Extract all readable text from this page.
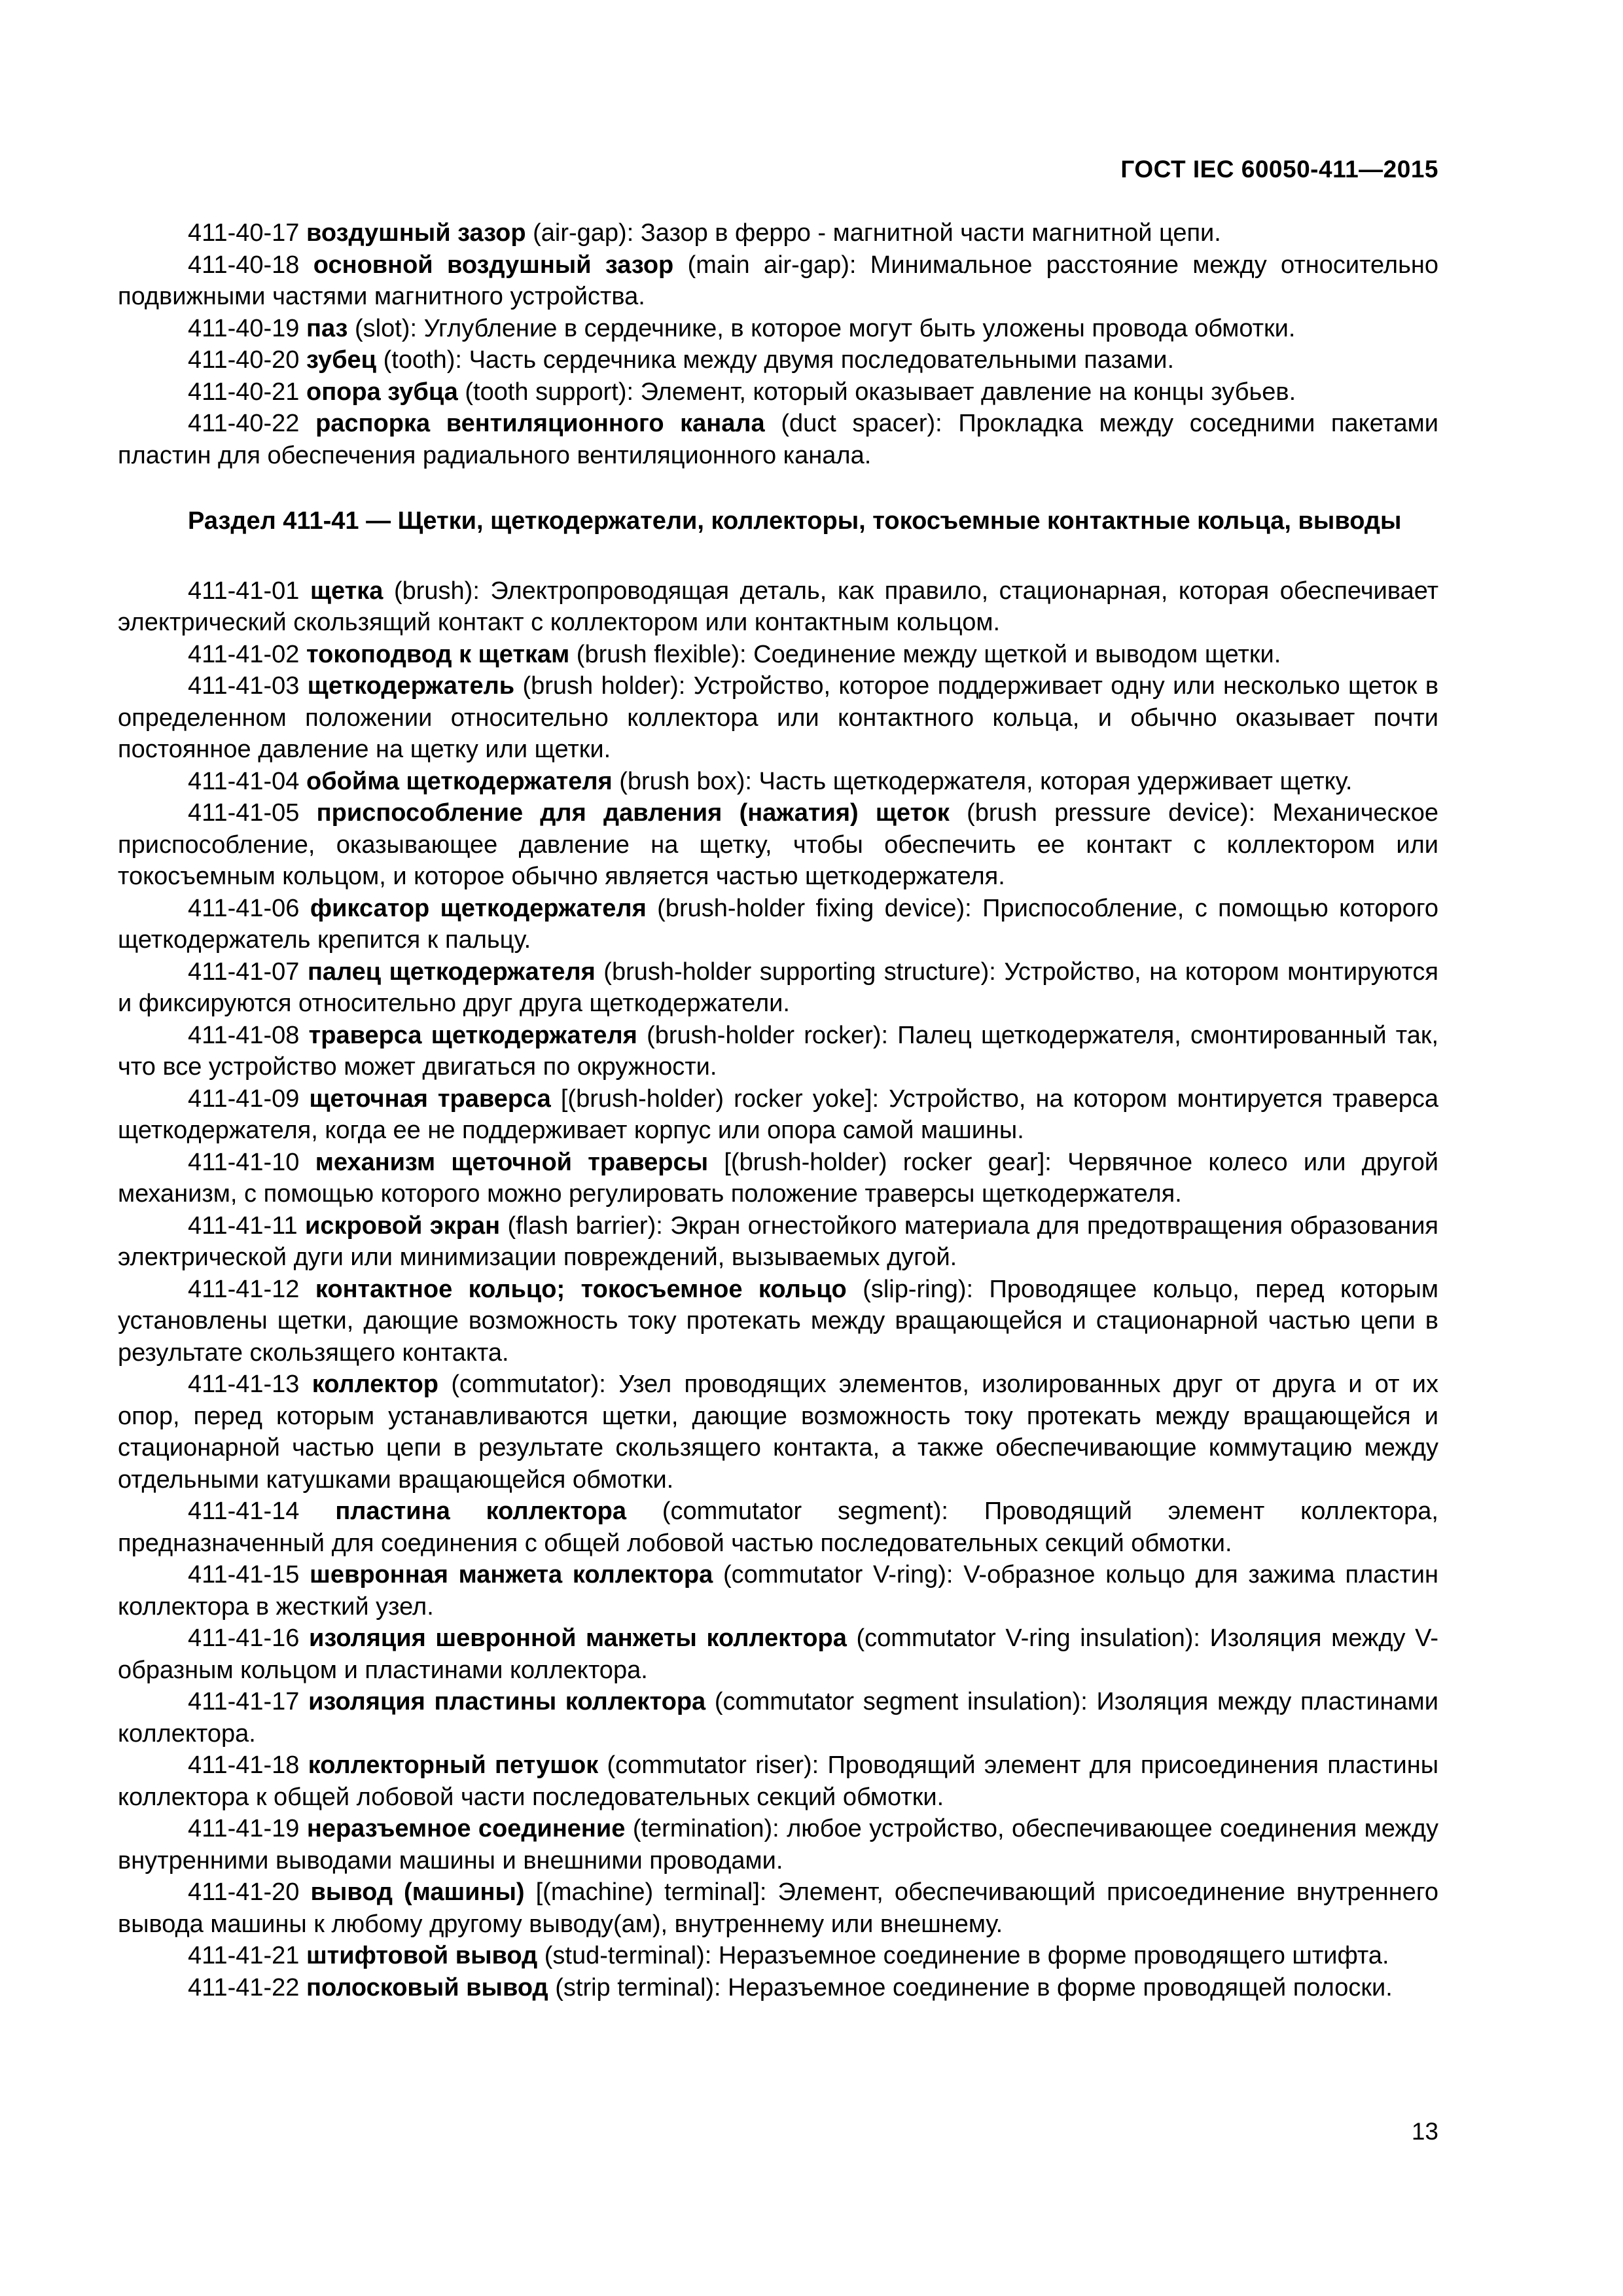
ГОСТ IEC 60050-411—2015

411-40-17 воздушный зазор (air-gap): Зазор в ферро - магнитной части магнитной цепи.

411-40-18 основной воздушный зазор (main air-gap): Минимальное расстояние между относительно подвижными частями магнитного устройства.

411-40-19 паз (slot): Углубление в сердечнике, в которое могут быть уложены провода обмотки.

411-40-20 зубец (tooth): Часть сердечника между двумя последовательными пазами.

411-40-21 опора зубца (tooth support): Элемент, который оказывает давление на концы зубьев.

411-40-22 распорка вентиляционного канала (duct spacer): Прокладка между соседними пакетами пластин для обеспечения радиального вентиляционного канала.

Раздел 411-41 — Щетки, щеткодержатели, коллекторы, токосъемные контактные кольца, выводы

411-41-01 щетка (brush): Электропроводящая деталь, как правило, стационарная, которая обеспечивает электрический скользящий контакт с коллектором или контактным кольцом.

411-41-02 токоподвод к щеткам (brush flexible): Соединение между щеткой и выводом щетки.

411-41-03 щеткодержатель (brush holder): Устройство, которое поддерживает одну или несколько щеток в определенном положении относительно коллектора или контактного кольца, и обычно оказывает почти постоянное давление на щетку или щетки.

411-41-04 обойма щеткодержателя (brush box): Часть щеткодержателя, которая удерживает щетку.

411-41-05 приспособление для давления (нажатия) щеток (brush pressure device): Механическое приспособление, оказывающее давление на щетку, чтобы обеспечить ее контакт с коллектором или токосъемным кольцом, и которое обычно является частью щеткодержателя.

411-41-06 фиксатор щеткодержателя (brush-holder fixing device): Приспособление, с помощью которого щеткодержатель крепится к пальцу.

411-41-07 палец щеткодержателя (brush-holder supporting structure): Устройство, на котором монтируются и фиксируются относительно друг друга щеткодержатели.

411-41-08 траверса щеткодержателя (brush-holder rocker): Палец щеткодержателя, смонтированный так, что все устройство может двигаться по окружности.

411-41-09 щеточная траверса [(brush-holder) rocker yoke]: Устройство, на котором монтируется траверса щеткодержателя, когда ее не поддерживает корпус или опора самой машины.

411-41-10 механизм щеточной траверсы [(brush-holder) rocker gear]: Червячное колесо или другой механизм, с помощью которого можно регулировать положение траверсы щеткодержателя.

411-41-11 искровой экран (flash barrier): Экран огнестойкого материала для предотвращения образования электрической дуги или минимизации повреждений, вызываемых дугой.

411-41-12 контактное кольцо; токосъемное кольцо (slip-ring): Проводящее кольцо, перед которым установлены щетки, дающие возможность току протекать между вращающейся и стационарной частью цепи в результате скользящего контакта.

411-41-13 коллектор (commutator): Узел проводящих элементов, изолированных друг от друга и от их опор, перед которым устанавливаются щетки, дающие возможность току протекать между вращающейся и стационарной частью цепи в результате скользящего контакта, а также обеспечивающие коммутацию между отдельными катушками вращающейся обмотки.

411-41-14 пластина коллектора (commutator segment): Проводящий элемент коллектора, предназначенный для соединения с общей лобовой частью последовательных секций обмотки.

411-41-15 шевронная манжета коллектора (commutator V-ring): V-образное кольцо для зажима пластин коллектора в жесткий узел.

411-41-16 изоляция шевронной манжеты коллектора (commutator V-ring insulation): Изоляция между V-образным кольцом и пластинами коллектора.

411-41-17 изоляция пластины коллектора (commutator segment insulation): Изоляция между пластинами коллектора.

411-41-18 коллекторный петушок (commutator riser): Проводящий элемент для присоединения пластины коллектора к общей лобовой части последовательных секций обмотки.

411-41-19 неразъемное соединение (termination): любое устройство, обеспечивающее соединения между внутренними выводами машины и внешними проводами.

411-41-20 вывод (машины) [(machine) terminal]: Элемент, обеспечивающий присоединение внутреннего вывода машины к любому другому выводу(ам), внутреннему или внешнему.

411-41-21 штифтовой вывод (stud-terminal): Неразъемное соединение в форме проводящего штифта.

411-41-22 полосковый вывод (strip terminal): Неразъемное соединение в форме проводящей полоски.

13
